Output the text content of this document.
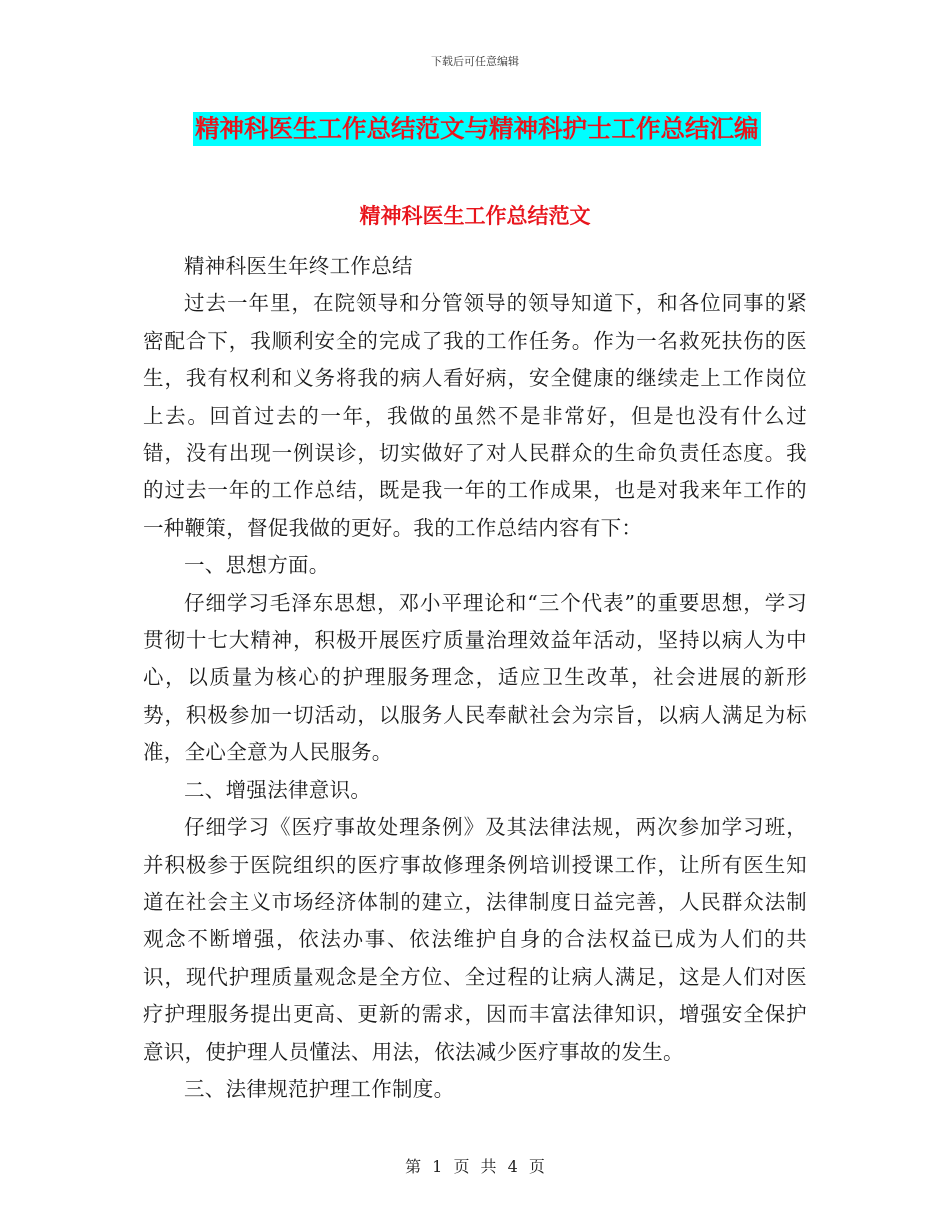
下载后可任意编辑
精神科医生工作总结范文与精神科护士工作总结汇编
精神科医生工作总结范文

精神科医生年终工作总结

过去一年里，在院领导和分管领导的领导知道下，和各位同事的紧密配合下，我顺利安全的完成了我的工作任务。作为一名救死扶伤的医生，我有权利和义务将我的病人看好病，安全健康的继续走上工作岗位上去。回首过去的一年，我做的虽然不是非常好，但是也没有什么过错，没有出现一例误诊，切实做好了对人民群众的生命负责任态度。我的过去一年的工作总结，既是我一年的工作成果，也是对我来年工作的一种鞭策，督促我做的更好。我的工作总结内容有下：

一、思想方面。

仔细学习毛泽东思想，邓小平理论和“三个代表”的重要思想，学习贯彻十七大精神，积极开展医疗质量治理效益年活动，坚持以病人为中心，以质量为核心的护理服务理念，适应卫生改革，社会进展的新形势，积极参加一切活动，以服务人民奉献社会为宗旨，以病人满足为标准，全心全意为人民服务。

二、增强法律意识。

仔细学习《医疗事故处理条例》及其法律法规，两次参加学习班，并积极参于医院组织的医疗事故修理条例培训授课工作，让所有医生知道在社会主义市场经济体制的建立，法律制度日益完善，人民群众法制观念不断增强，依法办事、依法维护自身的合法权益已成为人们的共识，现代护理质量观念是全方位、全过程的让病人满足，这是人们对医疗护理服务提出更高、更新的需求，因而丰富法律知识，增强安全保护意识，使护理人员懂法、用法，依法减少医疗事故的发生。

三、法律规范护理工作制度。

第 1 页 共 4 页
